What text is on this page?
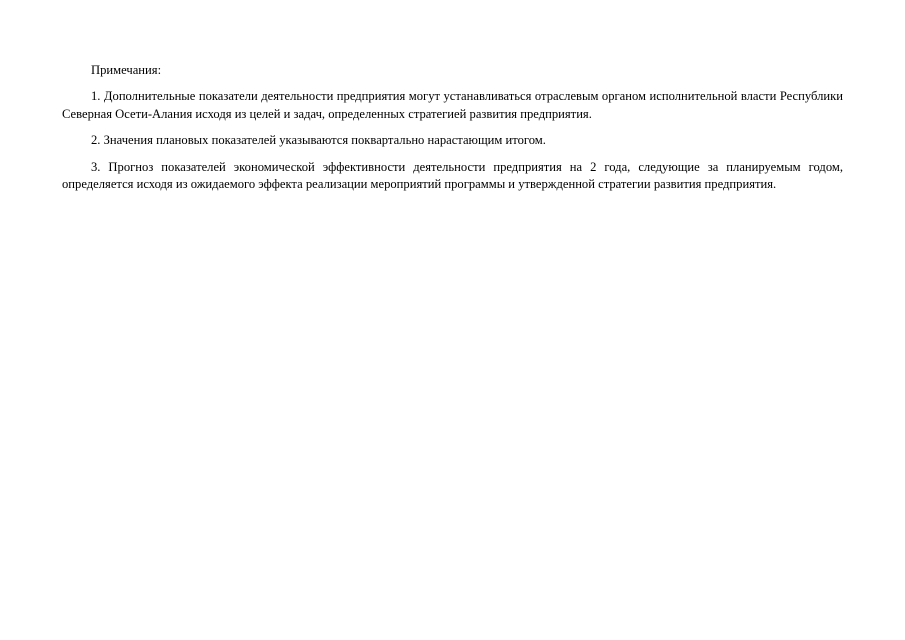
Примечания:

1. Дополнительные показатели деятельности предприятия могут устанавливаться отраслевым органом исполнительной власти Республики Северная Осети-Алания исходя из целей и задач, определенных стратегией развития предприятия.

2. Значения плановых показателей указываются поквартально нарастающим итогом.

3. Прогноз показателей экономической эффективности деятельности предприятия на 2 года, следующие за планируемым годом, определяется исходя из ожидаемого эффекта реализации мероприятий программы и утвержденной стратегии развития предприятия.
